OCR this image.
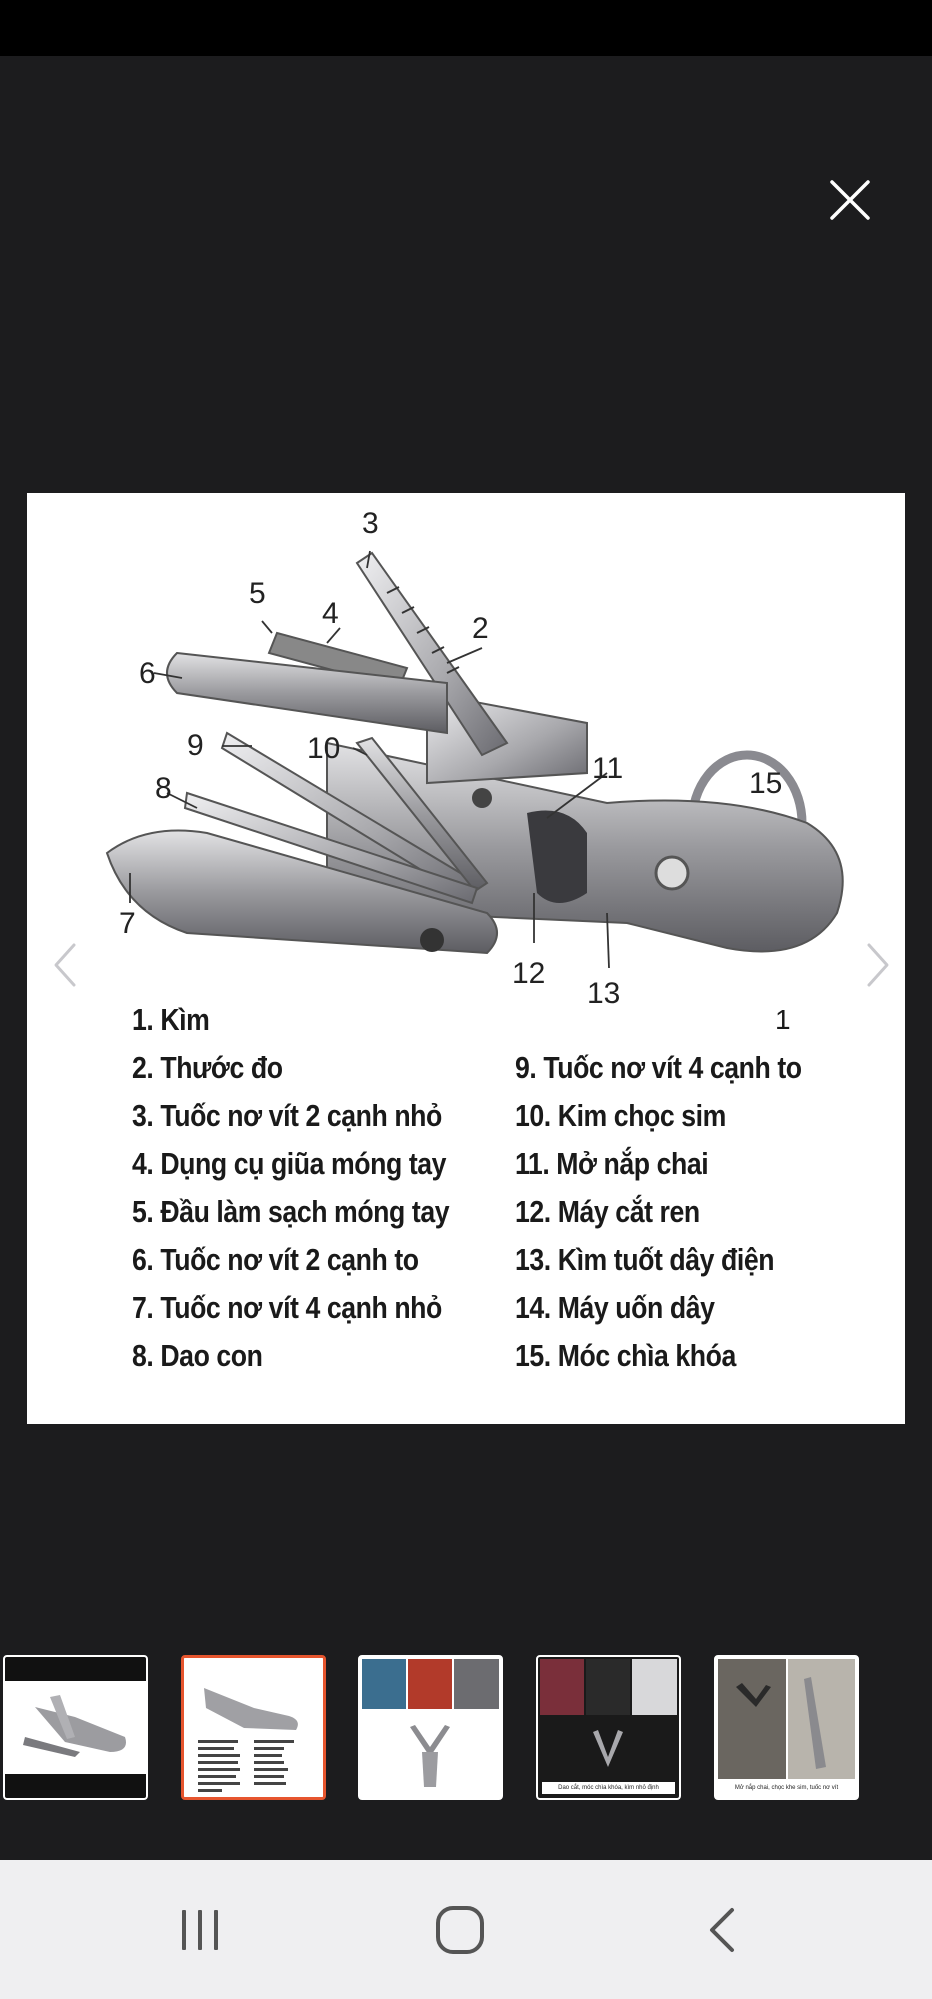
3
5
4	2
6
9	10
11	15
8
7
12
13
1
1. Kìm
2. Thước đo
3. Tuốc nơ vít 2 cạnh nhỏ
4. Dụng cụ giũa móng tay
5. Đầu làm sạch móng tay
6. Tuốc nơ vít 2 cạnh to
7. Tuốc nơ vít 4 cạnh nhỏ
8. Dao con
9. Tuốc nơ vít 4 cạnh to
10. Kim chọc sim
11. Mở nắp chai
12. Máy cắt ren
13. Kìm tuốt dây điện
14. Máy uốn dây
15. Móc chìa khóa
Dao cắt, móc chìa khóa, kìm nhỏ định	Mở nắp chai, chọc khe sim, tuốc nơ vít
